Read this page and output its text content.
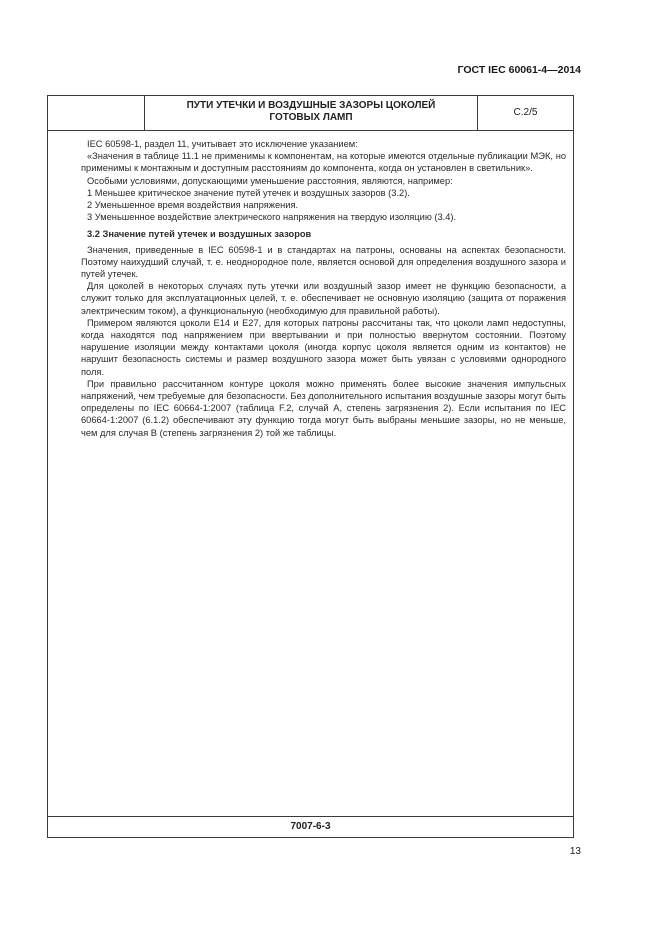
ГОСТ IEC 60061-4—2014
ПУТИ УТЕЧКИ И ВОЗДУШНЫЕ ЗАЗОРЫ ЦОКОЛЕЙ
ГОТОВЫХ ЛАМП	С.2/5

IEC 60598-1, раздел 11, учитывает это исключение указанием:

«Значения в таблице 11.1 не применимы к компонентам, на которые имеются отдельные публикации МЭК, но применимы к монтажным и доступным расстояниям до компонента, когда он установлен в светильник».

Особыми условиями, допускающими уменьшение расстояния, являются, например:

1 Меньшее критическое значение путей утечек и воздушных зазоров (3.2).

2 Уменьшенное время воздействия напряжения.

3 Уменьшенное воздействие электрического напряжения на твердую изоляцию (3.4).

3.2 Значение путей утечек и воздушных зазоров

Значения, приведенные в IEC 60598-1 и в стандартах на патроны, основаны на аспектах безопасности. Поэтому наихудший случай, т. е. неоднородное поле, является основой для определения воздушного зазора и путей утечек.

Для цоколей в некоторых случаях путь утечки или воздушный зазор имеет не функцию безопасности, а служит только для эксплуатационных целей, т. е. обеспечивает не основную изоляцию (защита от поражения электрическим током), а функциональную (необходимую для правильной работы).

Примером являются цоколи E14 и E27, для которых патроны рассчитаны так, что цоколи ламп недоступны, когда находятся под напряжением при ввертывании и при полностью ввернутом состоянии. Поэтому нарушение изоляции между контактами цоколя (иногда корпус цоколя является одним из контактов) не нарушит безопасность системы и размер воздушного зазора может быть увязан с условиями однородного поля.

При правильно рассчитанном контуре цоколя можно применять более высокие значения импульсных напряжений, чем требуемые для безопасности. Без дополнительного испытания воздушные зазоры могут быть определены по IEC 60664-1:2007 (таблица F.2, случай А, степень загрязнения 2). Если испытания по IEC 60664-1:2007 (6.1.2) обеспечивают эту функцию тогда могут быть выбраны меньшие зазоры, но не меньше, чем для случая В (степень загрязнения 2) той же таблицы.

7007-6-3
13
